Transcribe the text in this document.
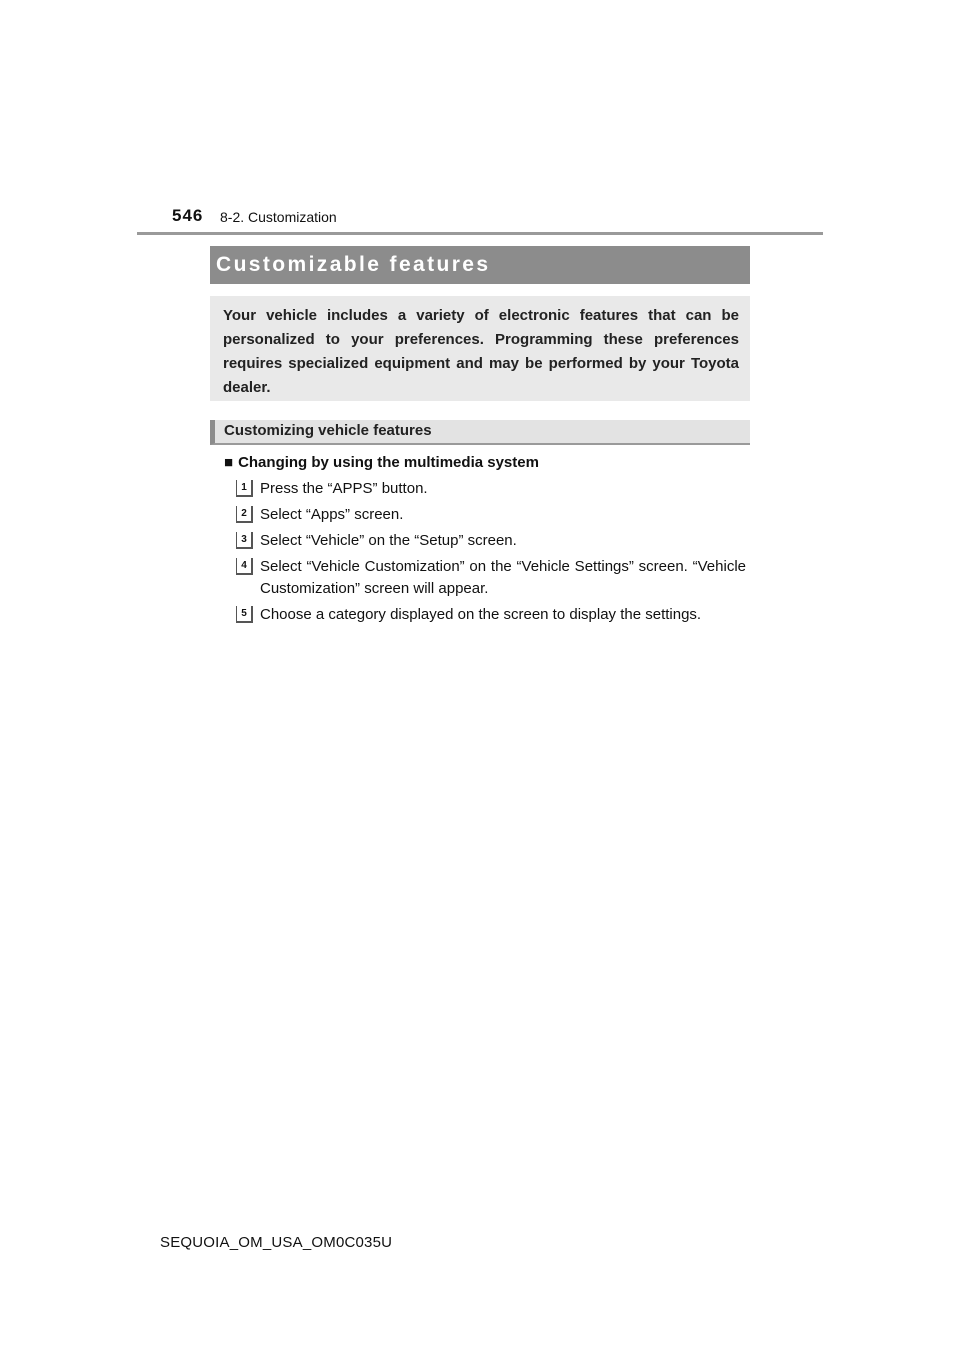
546 8-2. Customization
Customizable features
Your vehicle includes a variety of electronic features that can be personalized to your preferences. Programming these preferences requires specialized equipment and may be performed by your Toyota dealer.
Customizing vehicle features
■ Changing by using the multimedia system
1 Press the “APPS” button.
2 Select “Apps” screen.
3 Select “Vehicle” on the “Setup” screen.
4 Select “Vehicle Customization” on the “Vehicle Settings” screen. “Vehicle Customization” screen will appear.
5 Choose a category displayed on the screen to display the settings.
SEQUOIA_OM_USA_OM0C035U
